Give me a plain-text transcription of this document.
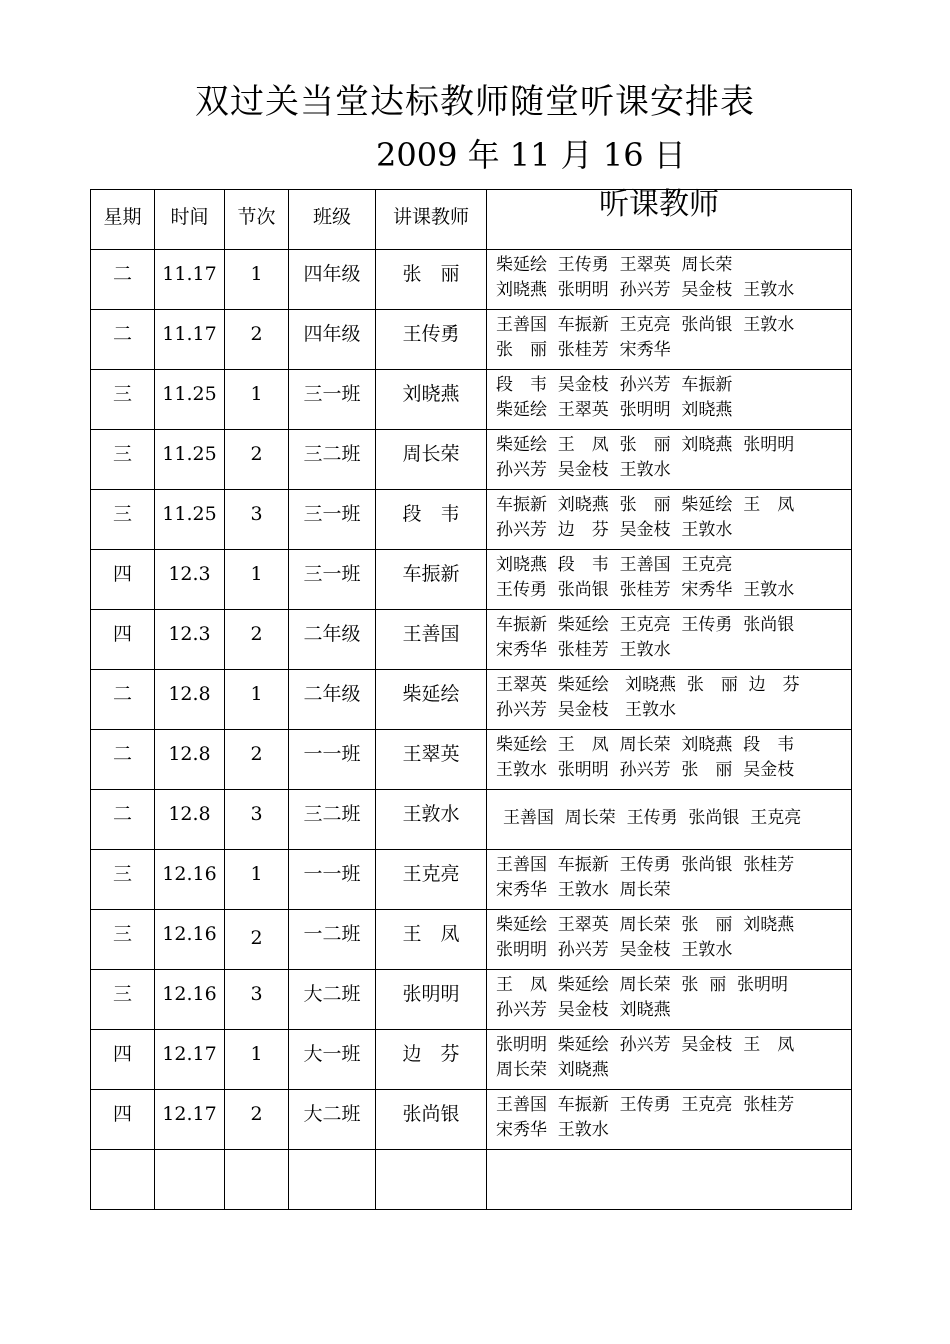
双过关当堂达标教师随堂听课安排表
2009 年 11 月 16 日
星期	时间	节次	班级	讲课教师	听课教师
二	11.17	1	四年级	张　丽	柴延绘  王传勇  王翠英  周长荣
刘晓燕  张明明  孙兴芳  吴金枝  王敦水

二	11.17	2	四年级	王传勇	王善国  车振新  王克亮  张尚银  王敦水
张　丽  张桂芳  宋秀华

三	11.25	1	三一班	刘晓燕	段　韦  吴金枝  孙兴芳  车振新
柴延绘  王翠英  张明明  刘晓燕

三	11.25	2	三二班	周长荣	柴延绘  王　凤  张　丽  刘晓燕  张明明
孙兴芳  吴金枝  王敦水

三	11.25	3	三一班	段　韦	车振新  刘晓燕  张　丽  柴延绘  王　凤
孙兴芳  边　芬  吴金枝  王敦水

四	12.3	1	三一班	车振新	刘晓燕  段　韦  王善国  王克亮
王传勇  张尚银  张桂芳  宋秀华  王敦水

四	12.3	2	二年级	王善国	车振新  柴延绘  王克亮  王传勇  张尚银
宋秀华  张桂芳  王敦水

二	12.8	1	二年级	柴延绘	王翠英  柴延绘   刘晓燕  张　丽  边　芬
孙兴芳  吴金枝   王敦水

二	12.8	2	一一班	王翠英	柴延绘  王　凤  周长荣  刘晓燕  段　韦
王敦水  张明明  孙兴芳  张　丽  吴金枝

二	12.8	3	三二班	王敦水	王善国  周长荣  王传勇  张尚银  王克亮

三	12.16	1	一一班	王克亮	王善国  车振新  王传勇  张尚银  张桂芳
宋秀华  王敦水  周长荣

三	12.16	2	一二班	王　凤	柴延绘  王翠英  周长荣  张　丽  刘晓燕
张明明  孙兴芳  吴金枝  王敦水

三	12.16	3	大二班	张明明	王　凤  柴延绘  周长荣  张  丽  张明明
孙兴芳  吴金枝  刘晓燕

四	12.17	1	大一班	边　芬	张明明  柴延绘  孙兴芳  吴金枝  王　凤
周长荣  刘晓燕

四	12.17	2	大二班	张尚银	王善国  车振新  王传勇  王克亮  张桂芳
宋秀华  王敦水
